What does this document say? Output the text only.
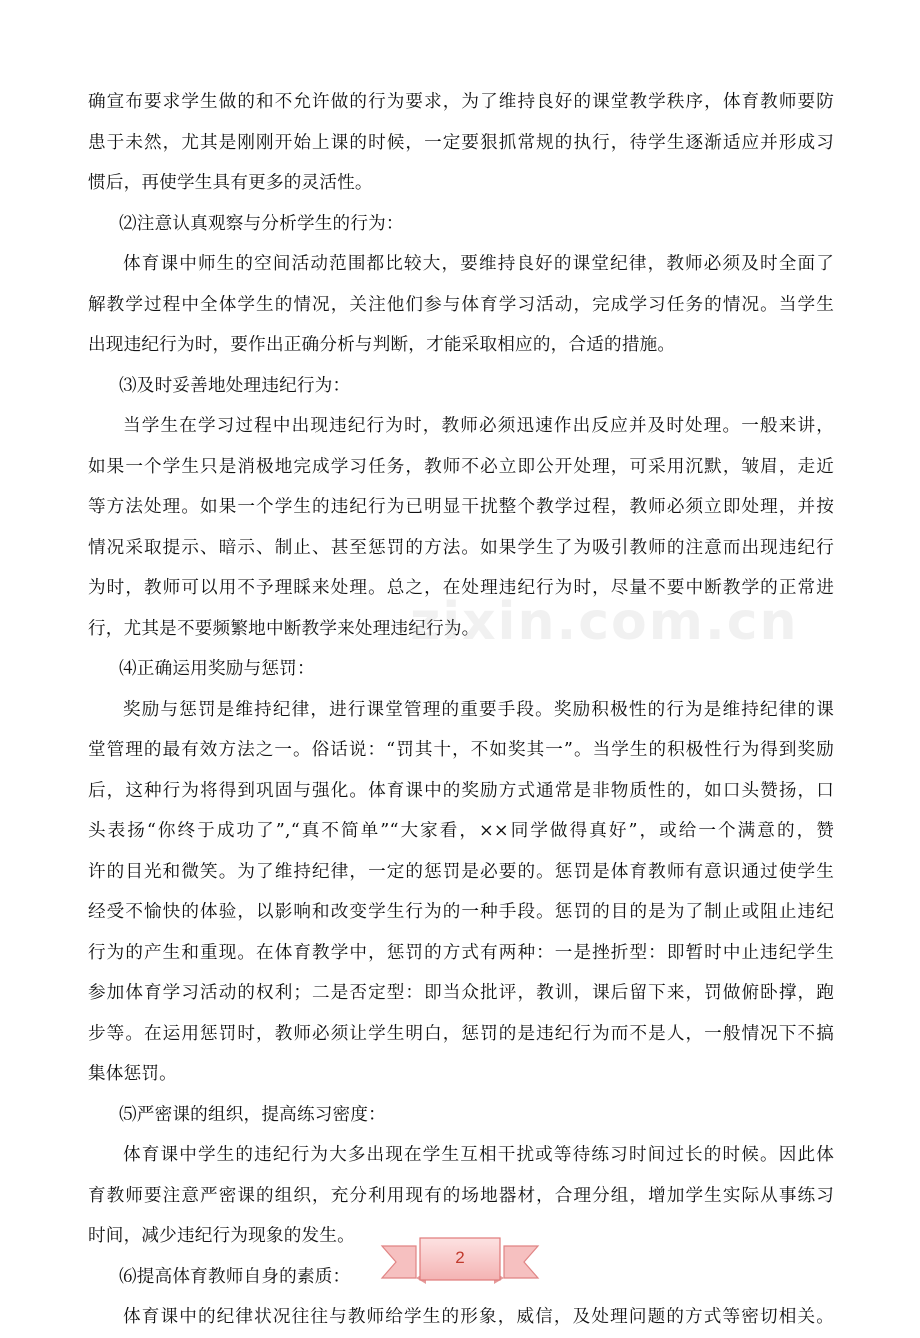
确宣布要求学生做的和不允许做的行为要求，为了维持良好的课堂教学秩序，体育教师要防
患于未然，尤其是刚刚开始上课的时候，一定要狠抓常规的执行，待学生逐渐适应并形成习
惯后，再使学生具有更多的灵活性。
⑵注意认真观察与分析学生的行为：
体育课中师生的空间活动范围都比较大，要维持良好的课堂纪律，教师必须及时全面了
解教学过程中全体学生的情况，关注他们参与体育学习活动，完成学习任务的情况。当学生
出现违纪行为时，要作出正确分析与判断，才能采取相应的，合适的措施。
⑶及时妥善地处理违纪行为：
当学生在学习过程中出现违纪行为时，教师必须迅速作出反应并及时处理。一般来讲，
如果一个学生只是消极地完成学习任务，教师不必立即公开处理，可采用沉默，皱眉，走近
等方法处理。如果一个学生的违纪行为已明显干扰整个教学过程，教师必须立即处理，并按
情况采取提示、暗示、制止、甚至惩罚的方法。如果学生了为吸引教师的注意而出现违纪行
为时，教师可以用不予理睬来处理。总之，在处理违纪行为时，尽量不要中断教学的正常进
行，尤其是不要频繁地中断教学来处理违纪行为。
⑷正确运用奖励与惩罚：
奖励与惩罚是维持纪律，进行课堂管理的重要手段。奖励积极性的行为是维持纪律的课
堂管理的最有效方法之一。俗话说：“罚其十，不如奖其一”。当学生的积极性行为得到奖励
后，这种行为将得到巩固与强化。体育课中的奖励方式通常是非物质性的，如口头赞扬，口
头表扬“你终于成功了”,“真不简单”“大家看，××同学做得真好”，或给一个满意的，赞
许的目光和微笑。为了维持纪律，一定的惩罚是必要的。惩罚是体育教师有意识通过使学生
经受不愉快的体验，以影响和改变学生行为的一种手段。惩罚的目的是为了制止或阻止违纪
行为的产生和重现。在体育教学中，惩罚的方式有两种：一是挫折型：即暂时中止违纪学生
参加体育学习活动的权利；二是否定型：即当众批评，教训，课后留下来，罚做俯卧撑，跑
步等。在运用惩罚时，教师必须让学生明白，惩罚的是违纪行为而不是人，一般情况下不搞
集体惩罚。
⑸严密课的组织，提高练习密度：
体育课中学生的违纪行为大多出现在学生互相干扰或等待练习时间过长的时候。因此体
育教师要注意严密课的组织，充分利用现有的场地器材，合理分组，增加学生实际从事练习
时间，减少违纪行为现象的发生。
⑹提高体育教师自身的素质：
体育课中的纪律状况往往与教师给学生的形象，威信，及处理问题的方式等密切相关。
zixin.com.cn
2
